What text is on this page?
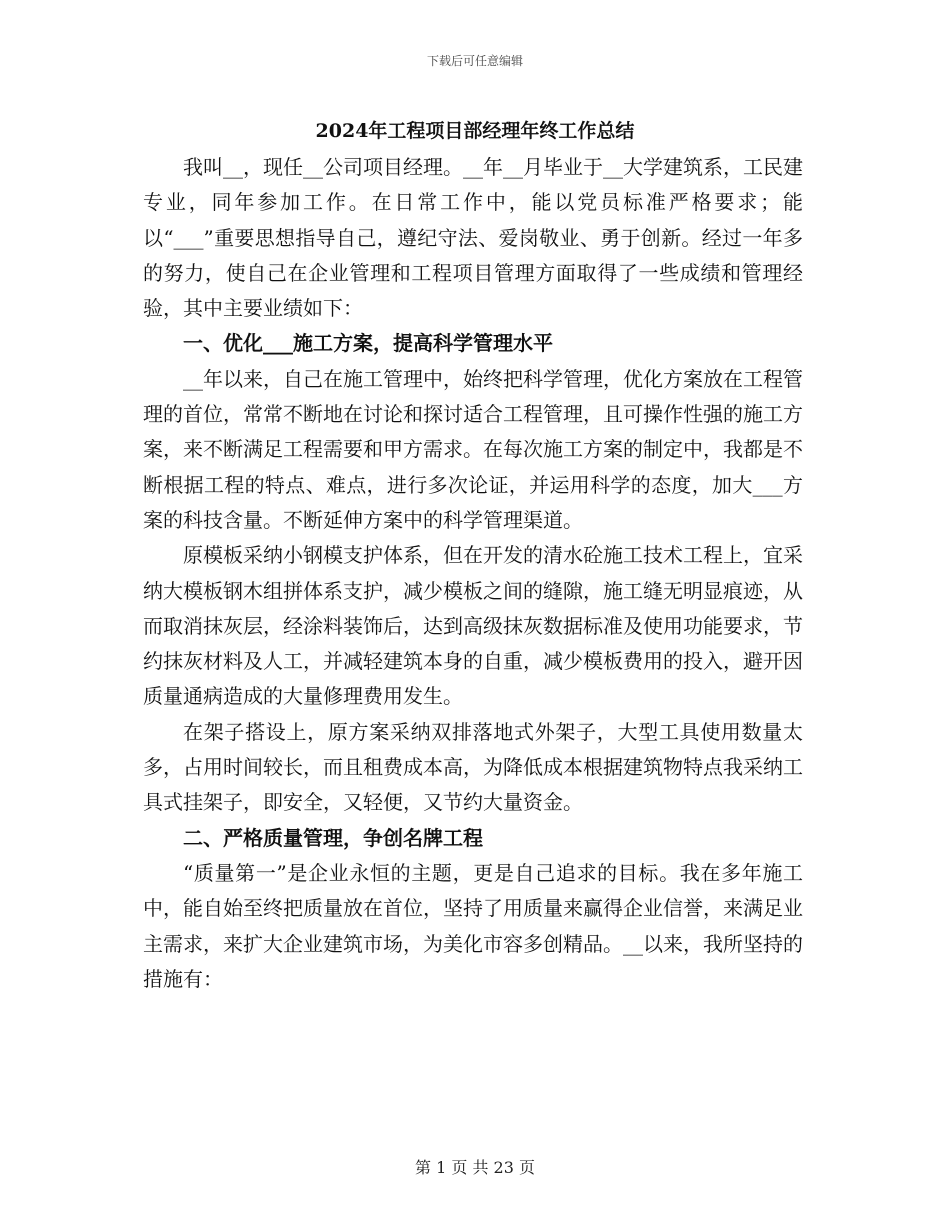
下载后可任意编辑
2024年工程项目部经理年终工作总结

我叫__，现任__公司项目经理。__年__月毕业于__大学建筑系，工民建专业，同年参加工作。在日常工作中，能以党员标准严格要求；能以“___”重要思想指导自己，遵纪守法、爱岗敬业、勇于创新。经过一年多的努力，使自己在企业管理和工程项目管理方面取得了一些成绩和管理经验，其中主要业绩如下：

一、优化___施工方案，提高科学管理水平

__年以来，自己在施工管理中，始终把科学管理，优化方案放在工程管理的首位，常常不断地在讨论和探讨适合工程管理，且可操作性强的施工方案，来不断满足工程需要和甲方需求。在每次施工方案的制定中，我都是不断根据工程的特点、难点，进行多次论证，并运用科学的态度，加大___方案的科技含量。不断延伸方案中的科学管理渠道。

原模板采纳小钢模支护体系，但在开发的清水砼施工技术工程上，宜采纳大模板钢木组拼体系支护，减少模板之间的缝隙，施工缝无明显痕迹，从而取消抹灰层，经涂料装饰后，达到高级抹灰数据标准及使用功能要求，节约抹灰材料及人工，并减轻建筑本身的自重，减少模板费用的投入，避开因质量通病造成的大量修理费用发生。

在架子搭设上，原方案采纳双排落地式外架子，大型工具使用数量太多，占用时间较长，而且租费成本高，为降低成本根据建筑物特点我采纳工具式挂架子，即安全，又轻便，又节约大量资金。

二、严格质量管理，争创名牌工程

“质量第一”是企业永恒的主题，更是自己追求的目标。我在多年施工中，能自始至终把质量放在首位，坚持了用质量来赢得企业信誉，来满足业主需求，来扩大企业建筑市场，为美化市容多创精品。__以来，我所坚持的措施有：

第 1 页 共 23 页
